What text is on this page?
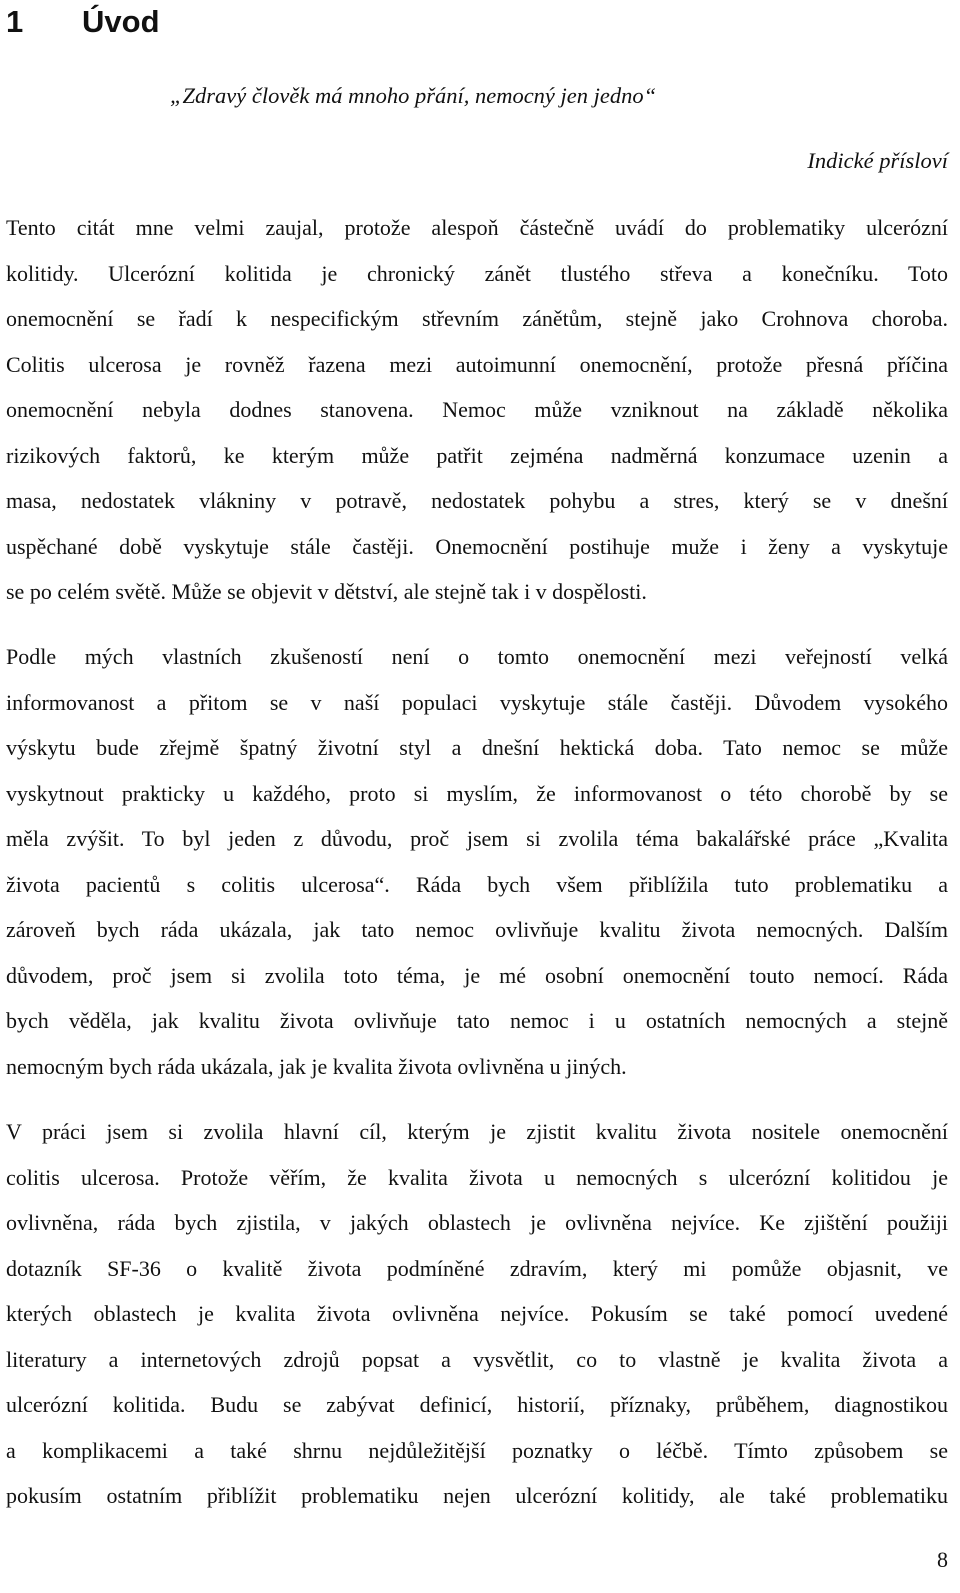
1 Úvod

„Zdravý člověk má mnoho přání, nemocný jen jedno“

Indické přísloví

Tento citát mne velmi zaujal, protože alespoň částečně uvádí do problematiky ulcerózní
kolitidy. Ulcerózní kolitida je chronický zánět tlustého střeva a konečníku. Toto
onemocnění se řadí k nespecifickým střevním zánětům, stejně jako Crohnova choroba.
Colitis ulcerosa je rovněž řazena mezi autoimunní onemocnění, protože přesná příčina
onemocnění nebyla dodnes stanovena. Nemoc může vzniknout na základě několika
rizikových faktorů, ke kterým může patřit zejména nadměrná konzumace uzenin a
masa, nedostatek vlákniny v potravě, nedostatek pohybu a stres, který se v dnešní
uspěchané době vyskytuje stále častěji. Onemocnění postihuje muže i ženy a vyskytuje
se po celém světě. Může se objevit v dětství, ale stejně tak i v dospělosti.
Podle mých vlastních zkušeností není o tomto onemocnění mezi veřejností velká
informovanost a přitom se v naší populaci vyskytuje stále častěji. Důvodem vysokého
výskytu bude zřejmě špatný životní styl a dnešní hektická doba. Tato nemoc se může
vyskytnout prakticky u každého, proto si myslím, že informovanost o této chorobě by se
měla zvýšit. To byl jeden z důvodu, proč jsem si zvolila téma bakalářské práce „Kvalita
života pacientů s colitis ulcerosa“. Ráda bych všem přiblížila tuto problematiku a
zároveň bych ráda ukázala, jak tato nemoc ovlivňuje kvalitu života nemocných. Dalším
důvodem, proč jsem si zvolila toto téma, je mé osobní onemocnění touto nemocí. Ráda
bych věděla, jak kvalitu života ovlivňuje tato nemoc i u ostatních nemocných a stejně
nemocným bych ráda ukázala, jak je kvalita života ovlivněna u jiných.
V práci jsem si zvolila hlavní cíl, kterým je zjistit kvalitu života nositele onemocnění
colitis ulcerosa. Protože věřím, že kvalita života u nemocných s ulcerózní kolitidou je
ovlivněna, ráda bych zjistila, v jakých oblastech je ovlivněna nejvíce. Ke zjištění použiji
dotazník SF-36 o kvalitě života podmíněné zdravím, který mi pomůže objasnit, ve
kterých oblastech je kvalita života ovlivněna nejvíce. Pokusím se také pomocí uvedené
literatury a internetových zdrojů popsat a vysvětlit, co to vlastně je kvalita života a
ulcerózní kolitida. Budu se zabývat definicí, historií, příznaky, průběhem, diagnostikou
a komplikacemi a také shrnu nejdůležitější poznatky o léčbě. Tímto způsobem se
pokusím ostatním přiblížit problematiku nejen ulcerózní kolitidy, ale také problematiku

8
